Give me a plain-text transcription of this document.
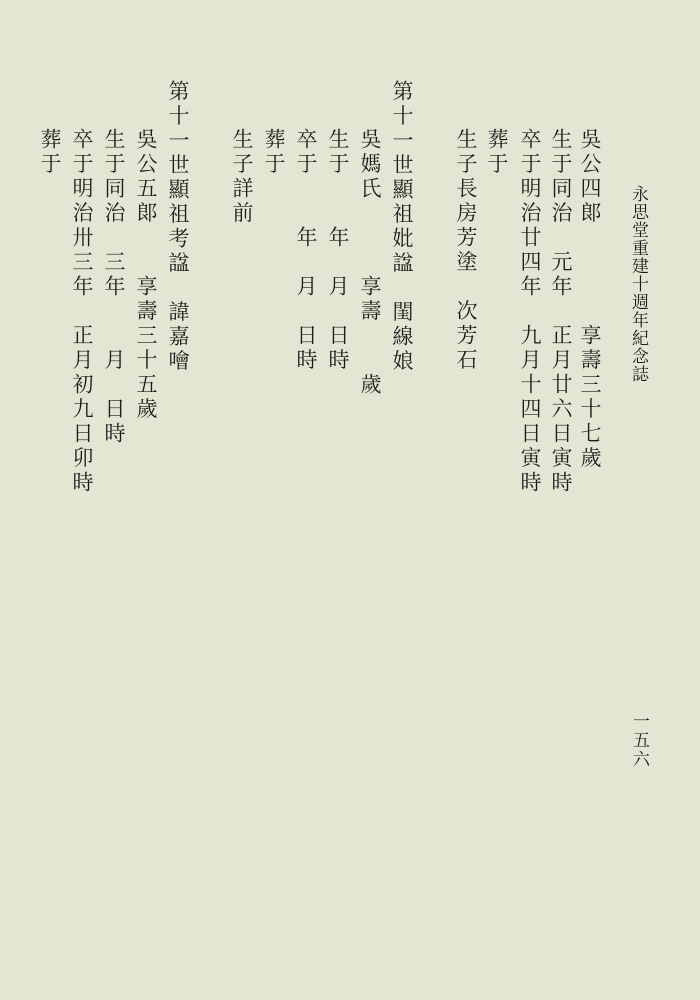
永思堂重建十週年紀念誌
一五六
吳公四郞　　　　享壽三十七歲
生于同治　元年　正月廿六日寅時
卒于明治廿四年　九月十四日寅時
葬于
生子長房芳塗　次芳石
第十一世顯祖妣諡　閨線娘
吳媽氏　　　享壽　　歲
生于　　年　月　日時
卒于　　年　月　日時
葬于
生子詳前
第十一世顯祖考諡　諱嘉噲
吳公五郞　　享壽三十五歲
生于同治　三年　　月　日時
卒于明治卅三年　正月初九日卯時
葬于
